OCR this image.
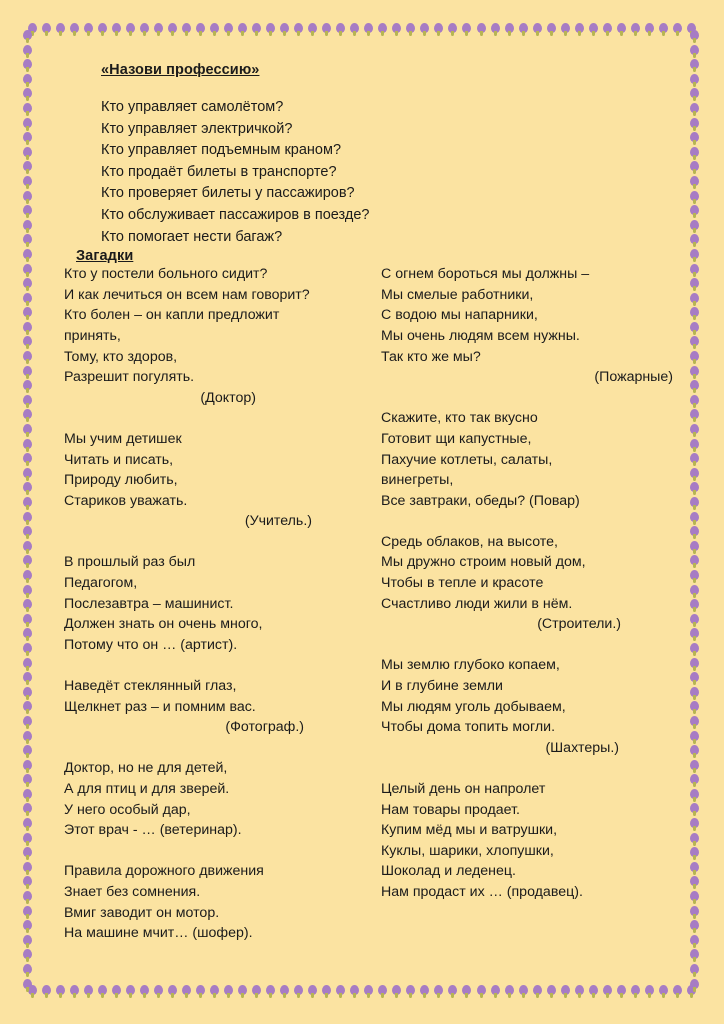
«Назови профессию»
Кто управляет самолётом?
Кто управляет электричкой?
Кто управляет подъемным краном?
Кто продаёт билеты в транспорте?
Кто проверяет билеты у пассажиров?
Кто обслуживает пассажиров в поезде?
Кто помогает нести багаж?
Загадки
Кто у постели больного сидит?
И как лечиться он всем нам говорит?
Кто болен – он капли предложит
принять,
Тому, кто здоров,
Разрешит погулять.
(Доктор)
Мы учим детишек
Читать и писать,
Природу любить,
Стариков уважать.
(Учитель.)
В прошлый раз был
Педагогом,
Послезавтра – машинист.
Должен знать он очень много,
Потому что он … (артист).
Наведёт стеклянный глаз,
Щелкнет раз – и помним вас.
(Фотограф.)
Доктор, но не для детей,
А для птиц и для зверей.
У него особый дар,
Этот врач - … (ветеринар).
Правила дорожного движения
Знает без сомнения.
Вмиг заводит он мотор.
На машине мчит… (шофер).
С огнем бороться мы должны –
Мы смелые работники,
С водою мы напарники,
Мы очень людям всем нужны.
Так кто же мы?
(Пожарные)
Скажите, кто так вкусно
Готовит щи капустные,
Пахучие котлеты, салаты,
винегреты,
Все завтраки, обеды? (Повар)
Средь облаков, на высоте,
Мы дружно строим новый дом,
Чтобы в тепле и красоте
Счастливо люди жили в нём.
(Строители.)
Мы землю глубоко копаем,
И в глубине земли
Мы людям уголь добываем,
Чтобы дома топить могли.
(Шахтеры.)
Целый день он напролет
Нам товары продает.
Купим мёд мы и ватрушки,
Куклы, шарики, хлопушки,
Шоколад и леденец.
Нам продаст их … (продавец).
